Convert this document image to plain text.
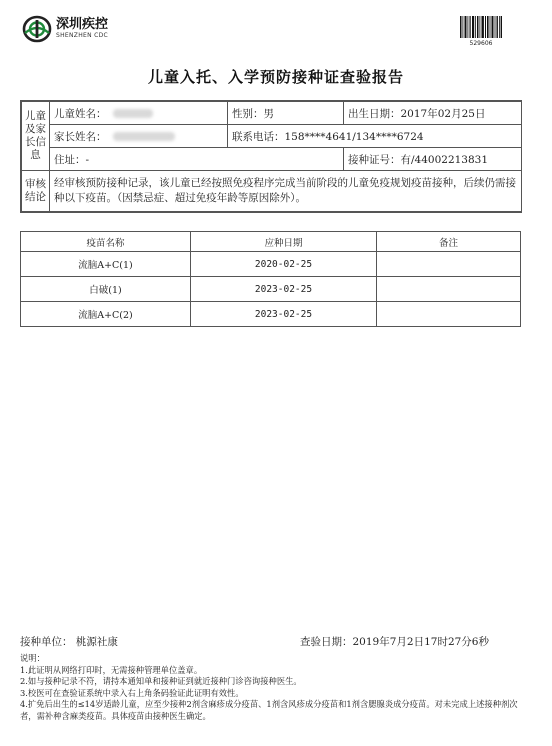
深圳疾控
SHENZHEN CDC
529606
儿童入托、入学预防接种证查验报告
儿童及家长信息	儿童姓名：	性别：男	出生日期：2017年02月25日
	家长姓名：	联系电话：158****4641/134****6724	
	住址：-		接种证号：有/44002213831
审核结论	经审核预防接种记录，该儿童已经按照免疫程序完成当前阶段的儿童免疫规划疫苗接种，后续仍需接种以下疫苗。（因禁忌症、超过免疫年龄等原因除外）。		
疫苗名称	应种日期	备注
流脑A+C(1)	2020-02-25	
白破(1)	2023-02-25	
流脑A+C(2)	2023-02-25	
接种单位： 桃源社康	查验日期：2019年7月2日17时27分6秒
说明：
1.此证明从网络打印时，无需接种管理单位盖章。
2.如与接种记录不符，请持本通知单和接种证到就近接种门诊咨询接种医生。
3.校医可在查验证系统中录入右上角条码验证此证明有效性。
4.扩免后出生的≤14岁适龄儿童，应至少接种2剂含麻疹成分疫苗、1剂含风疹成分疫苗和1剂含腮腺炎成分疫苗。对未完成上述接种剂次者，需补种含麻类疫苗。具体疫苗由接种医生确定。
